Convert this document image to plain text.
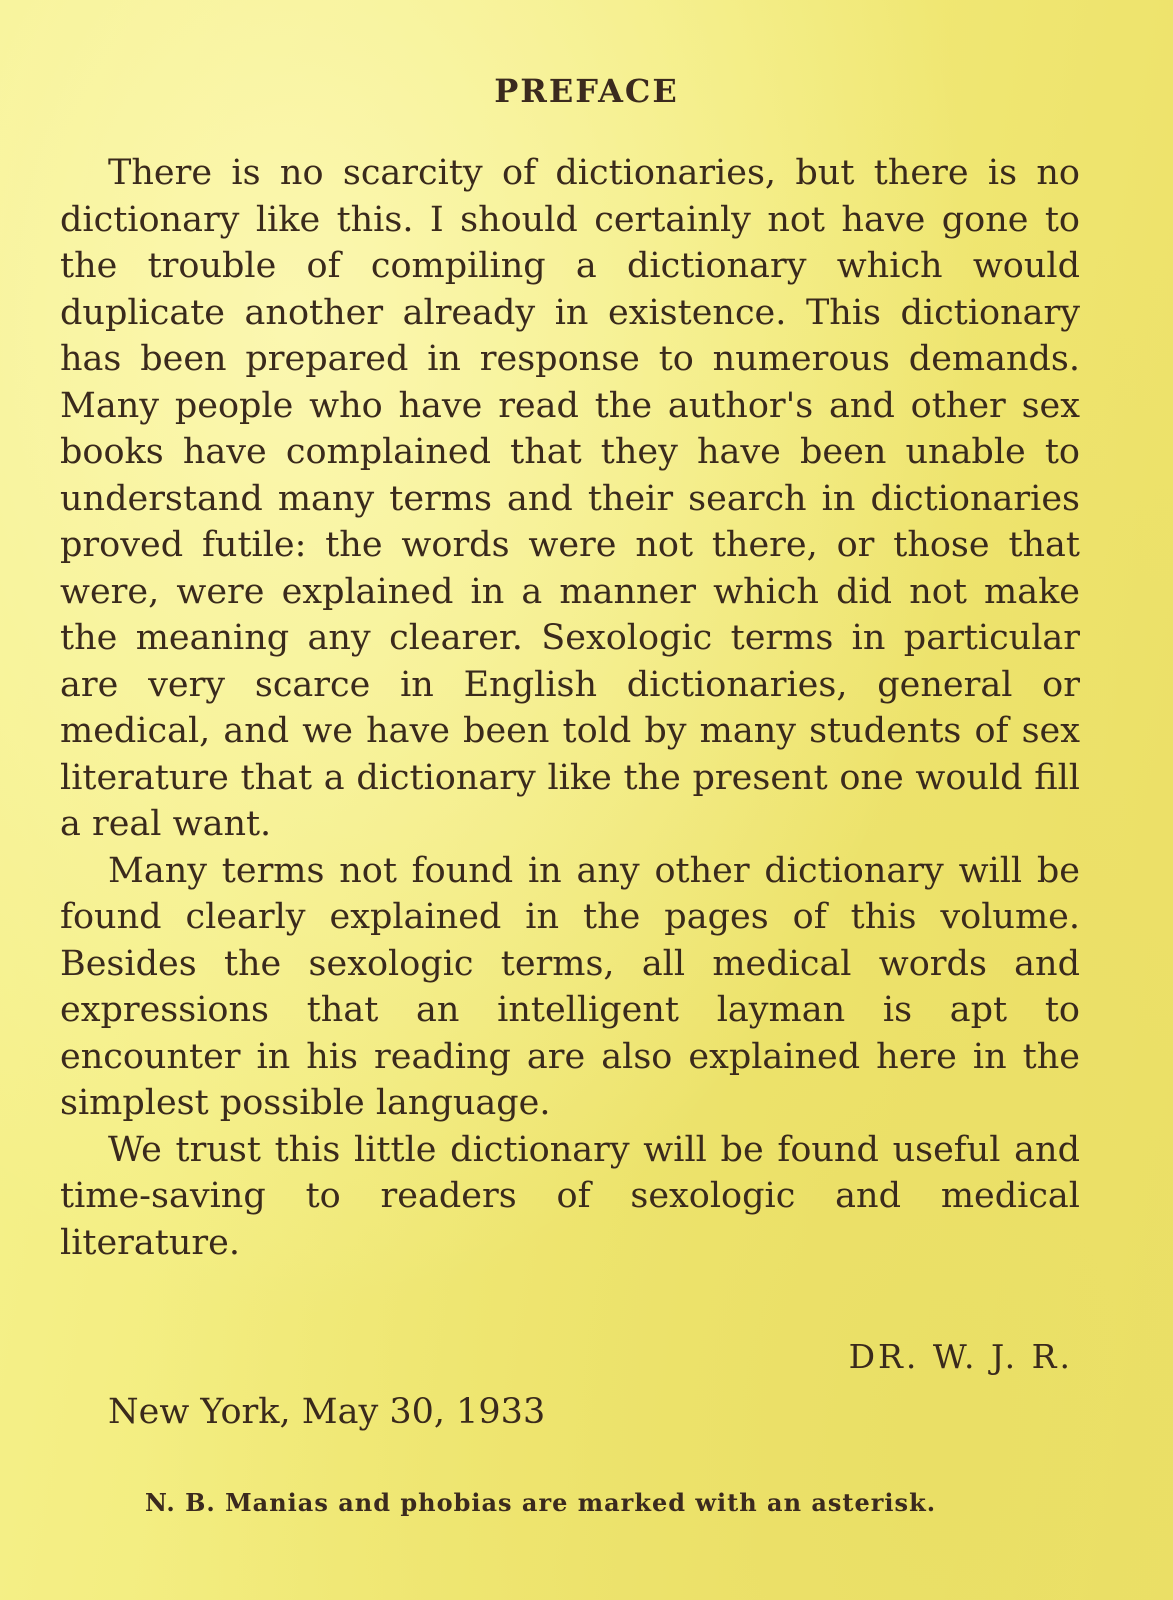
PREFACE

There is no scarcity of dictionaries, but there is no dictionary like this. I should certainly not have gone to the trouble of compiling a dictionary which would duplicate another already in existence. This dictionary has been prepared in response to numerous demands. Many people who have read the author's and other sex books have complained that they have been unable to understand many terms and their search in dictionaries proved futile: the words were not there, or those that were, were explained in a manner which did not make the meaning any clearer. Sexologic terms in particular are very scarce in English dictionaries, general or medical, and we have been told by many students of sex literature that a dictionary like the present one would fill a real want.

Many terms not found in any other dictionary will be found clearly explained in the pages of this volume. Besides the sexologic terms, all medical words and expressions that an intelligent layman is apt to encounter in his reading are also explained here in the simplest possible language.

We trust this little dictionary will be found useful and time-saving to readers of sexologic and medical literature.

DR. W. J. R.
New York, May 30, 1933
N. B. Manias and phobias are marked with an asterisk.
